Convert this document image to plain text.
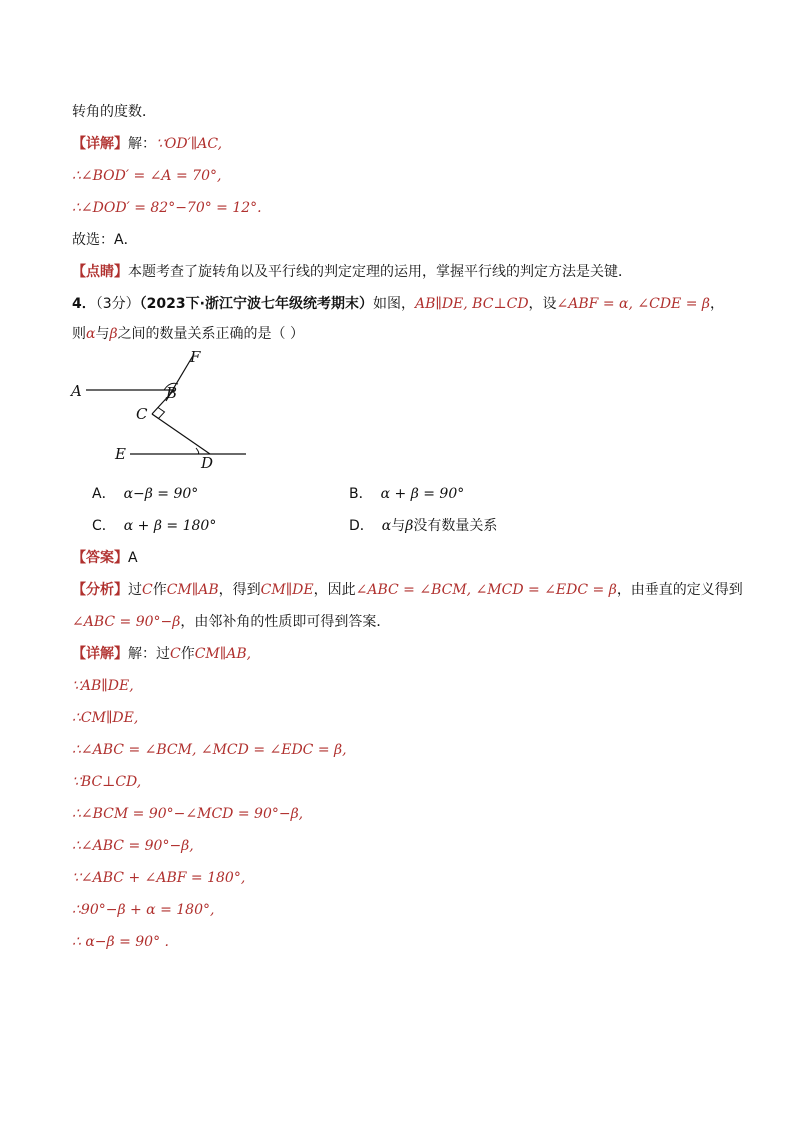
转角的度数．
【详解】解：∵OD′∥AC,
∴∠BOD′ = ∠A = 70°,
∴∠DOD′ = 82°−70° = 12°.
故选：A．
【点睛】本题考查了旋转角以及平行线的判定定理的运用，掌握平行线的判定方法是关键．
4．（3分）（2023下·浙江宁波七年级统考期末）如图，AB∥DE, BC⊥CD，设∠ABF = α, ∠CDE = β，
则α与β之间的数量关系正确的是（ ）
F
A	B
C
E	D
A． α−β = 90°	B． α + β = 90°
C． α + β = 180°	D． α与β没有数量关系
【答案】A
【分析】过C作CM∥AB，得到CM∥DE，因此∠ABC = ∠BCM, ∠MCD = ∠EDC = β，由垂直的定义得到
∠ABC = 90°−β，由邻补角的性质即可得到答案．
【详解】解：过C作CM∥AB,
∵AB∥DE,
∴CM∥DE,
∴∠ABC = ∠BCM, ∠MCD = ∠EDC = β,
∵BC⊥CD,
∴∠BCM = 90°−∠MCD = 90°−β,
∴∠ABC = 90°−β,
∵∠ABC + ∠ABF = 180°,
∴90°−β + α = 180°,
∴ α−β = 90° .
